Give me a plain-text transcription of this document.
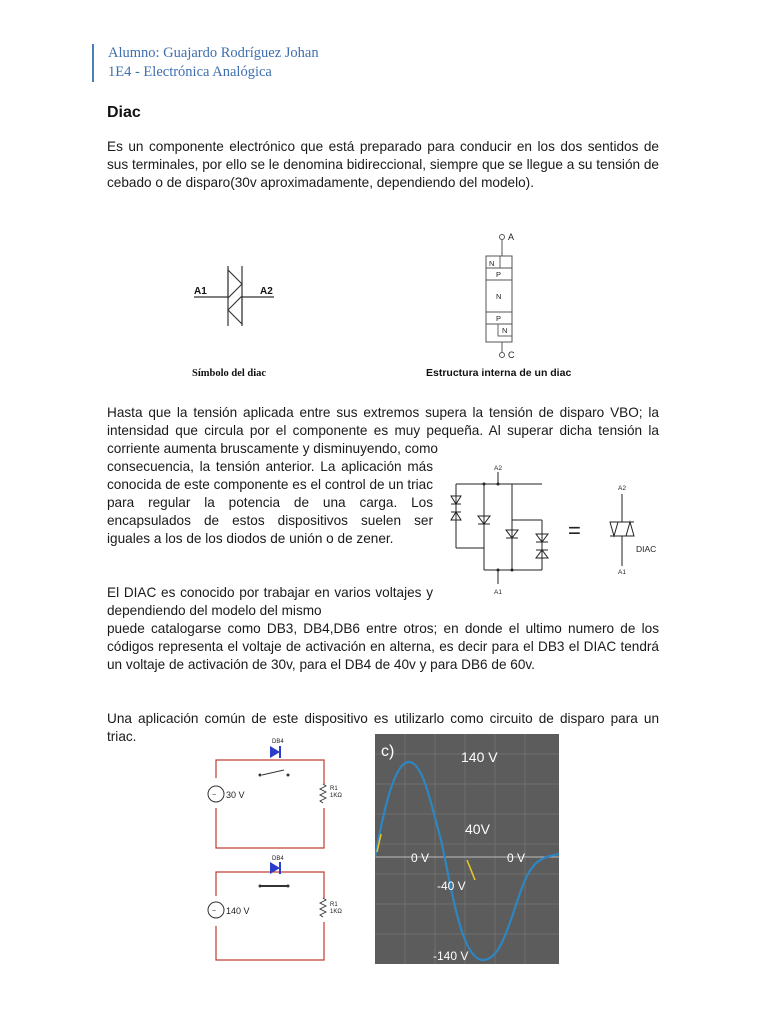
Alumno: Guajardo Rodríguez Johan
1E4 - Electrónica Analógica
Diac
Es un componente electrónico que está preparado para conducir en los dos sentidos de sus terminales, por ello se le denomina bidireccional, siempre que se llegue a su tensión de cebado o de disparo(30v aproximadamente, dependiendo del modelo).
A1	A2
Símbolo del diac
A
N
P
N
P
N
C
Estructura interna de un diac
Hasta que la tensión aplicada entre sus extremos supera la tensión de disparo VBO; la intensidad que circula por el componente es muy pequeña. Al superar dicha tensión la corriente aumenta bruscamente y disminuyendo, como
consecuencia, la tensión anterior. La aplicación más conocida de este componente es el control de un triac para regular la potencia de una carga. Los encapsulados de estos dispositivos suelen ser iguales a los de los diodos de unión o de zener.
A2
A1
=
A2
A1
DIAC
El DIAC es conocido por trabajar en varios voltajes y dependiendo del modelo del mismo
puede catalogarse como DB3, DB4,DB6 entre otros; en donde el ultimo numero de los códigos representa el voltaje de activación en alterna, es decir para el DB3 el DIAC tendrá un voltaje de activación de 30v, para el DB4 de 40v y para DB6 de 60v.
Una aplicación común de este dispositivo es utilizarlo como circuito de disparo para un triac.
~ 30 V
DB4
R1
1KΩ
~ 140 V
DB4
R1
1KΩ
c)	140 V
40V
0 V	0 V
-40 V
-140 V
